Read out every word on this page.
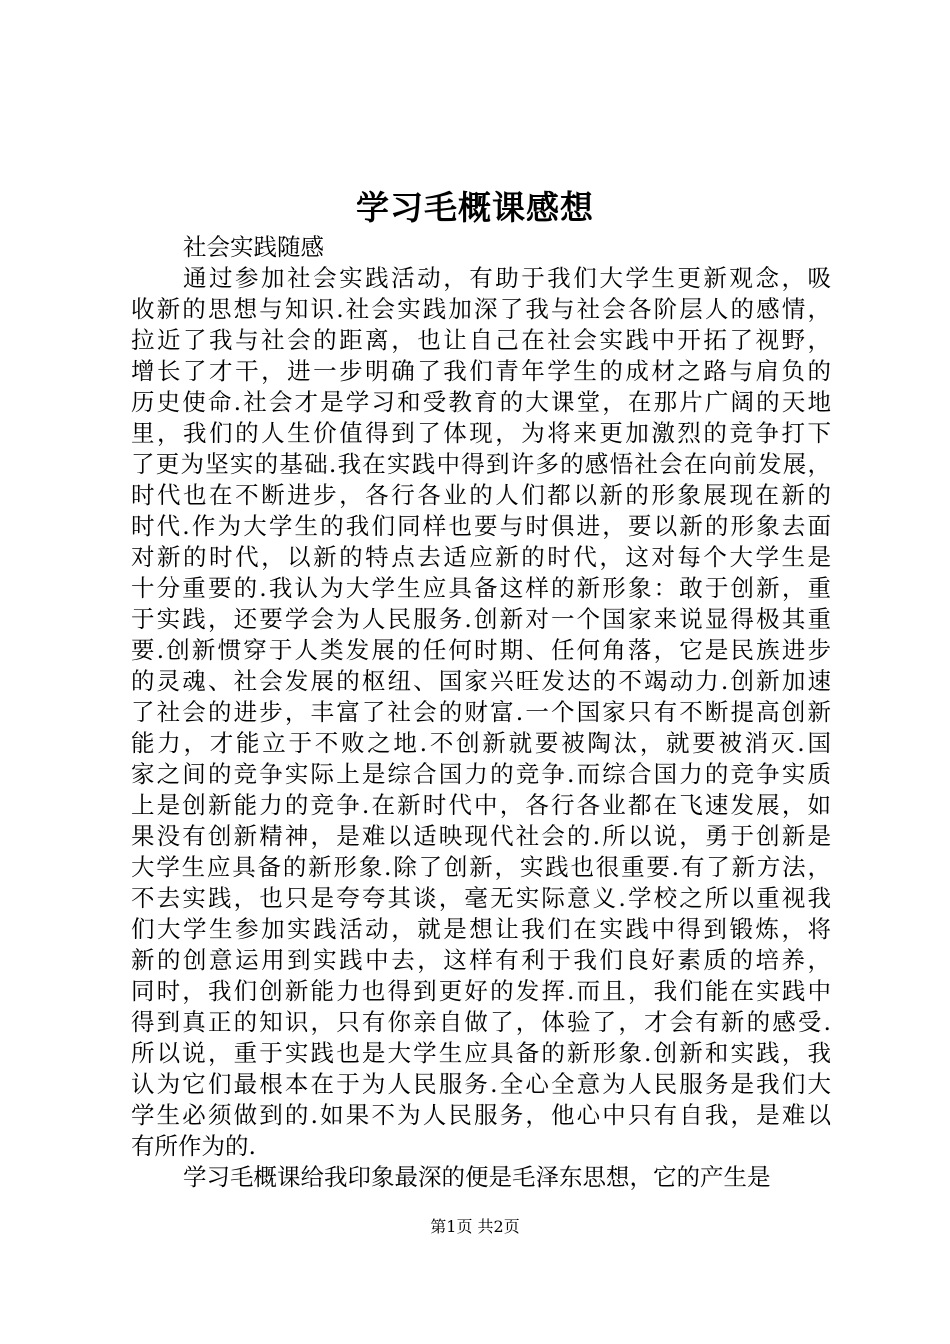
学习毛概课感想
社会实践随感
通过参加社会实践活动，有助于我们大学生更新观念，吸
收新的思想与知识.社会实践加深了我与社会各阶层人的感情，
拉近了我与社会的距离，也让自己在社会实践中开拓了视野，
增长了才干，进一步明确了我们青年学生的成材之路与肩负的
历史使命.社会才是学习和受教育的大课堂，在那片广阔的天地
里，我们的人生价值得到了体现，为将来更加激烈的竞争打下
了更为坚实的基础.我在实践中得到许多的感悟社会在向前发展，
时代也在不断进步，各行各业的人们都以新的形象展现在新的
时代.作为大学生的我们同样也要与时俱进，要以新的形象去面
对新的时代，以新的特点去适应新的时代，这对每个大学生是
十分重要的.我认为大学生应具备这样的新形象：敢于创新，重
于实践，还要学会为人民服务.创新对一个国家来说显得极其重
要.创新惯穿于人类发展的任何时期、任何角落，它是民族进步
的灵魂、社会发展的枢纽、国家兴旺发达的不竭动力.创新加速
了社会的进步，丰富了社会的财富.一个国家只有不断提高创新
能力，才能立于不败之地.不创新就要被陶汰，就要被消灭.国
家之间的竞争实际上是综合国力的竞争.而综合国力的竞争实质
上是创新能力的竞争.在新时代中，各行各业都在飞速发展，如
果没有创新精神，是难以适映现代社会的.所以说，勇于创新是
大学生应具备的新形象.除了创新，实践也很重要.有了新方法，
不去实践，也只是夸夸其谈，毫无实际意义.学校之所以重视我
们大学生参加实践活动，就是想让我们在实践中得到锻炼，将
新的创意运用到实践中去，这样有利于我们良好素质的培养，
同时，我们创新能力也得到更好的发挥.而且，我们能在实践中
得到真正的知识，只有你亲自做了，体验了，才会有新的感受.
所以说，重于实践也是大学生应具备的新形象.创新和实践，我
认为它们最根本在于为人民服务.全心全意为人民服务是我们大
学生必须做到的.如果不为人民服务，他心中只有自我，是难以
有所作为的.
学习毛概课给我印象最深的便是毛泽东思想，它的产生是
第1页 共2页
